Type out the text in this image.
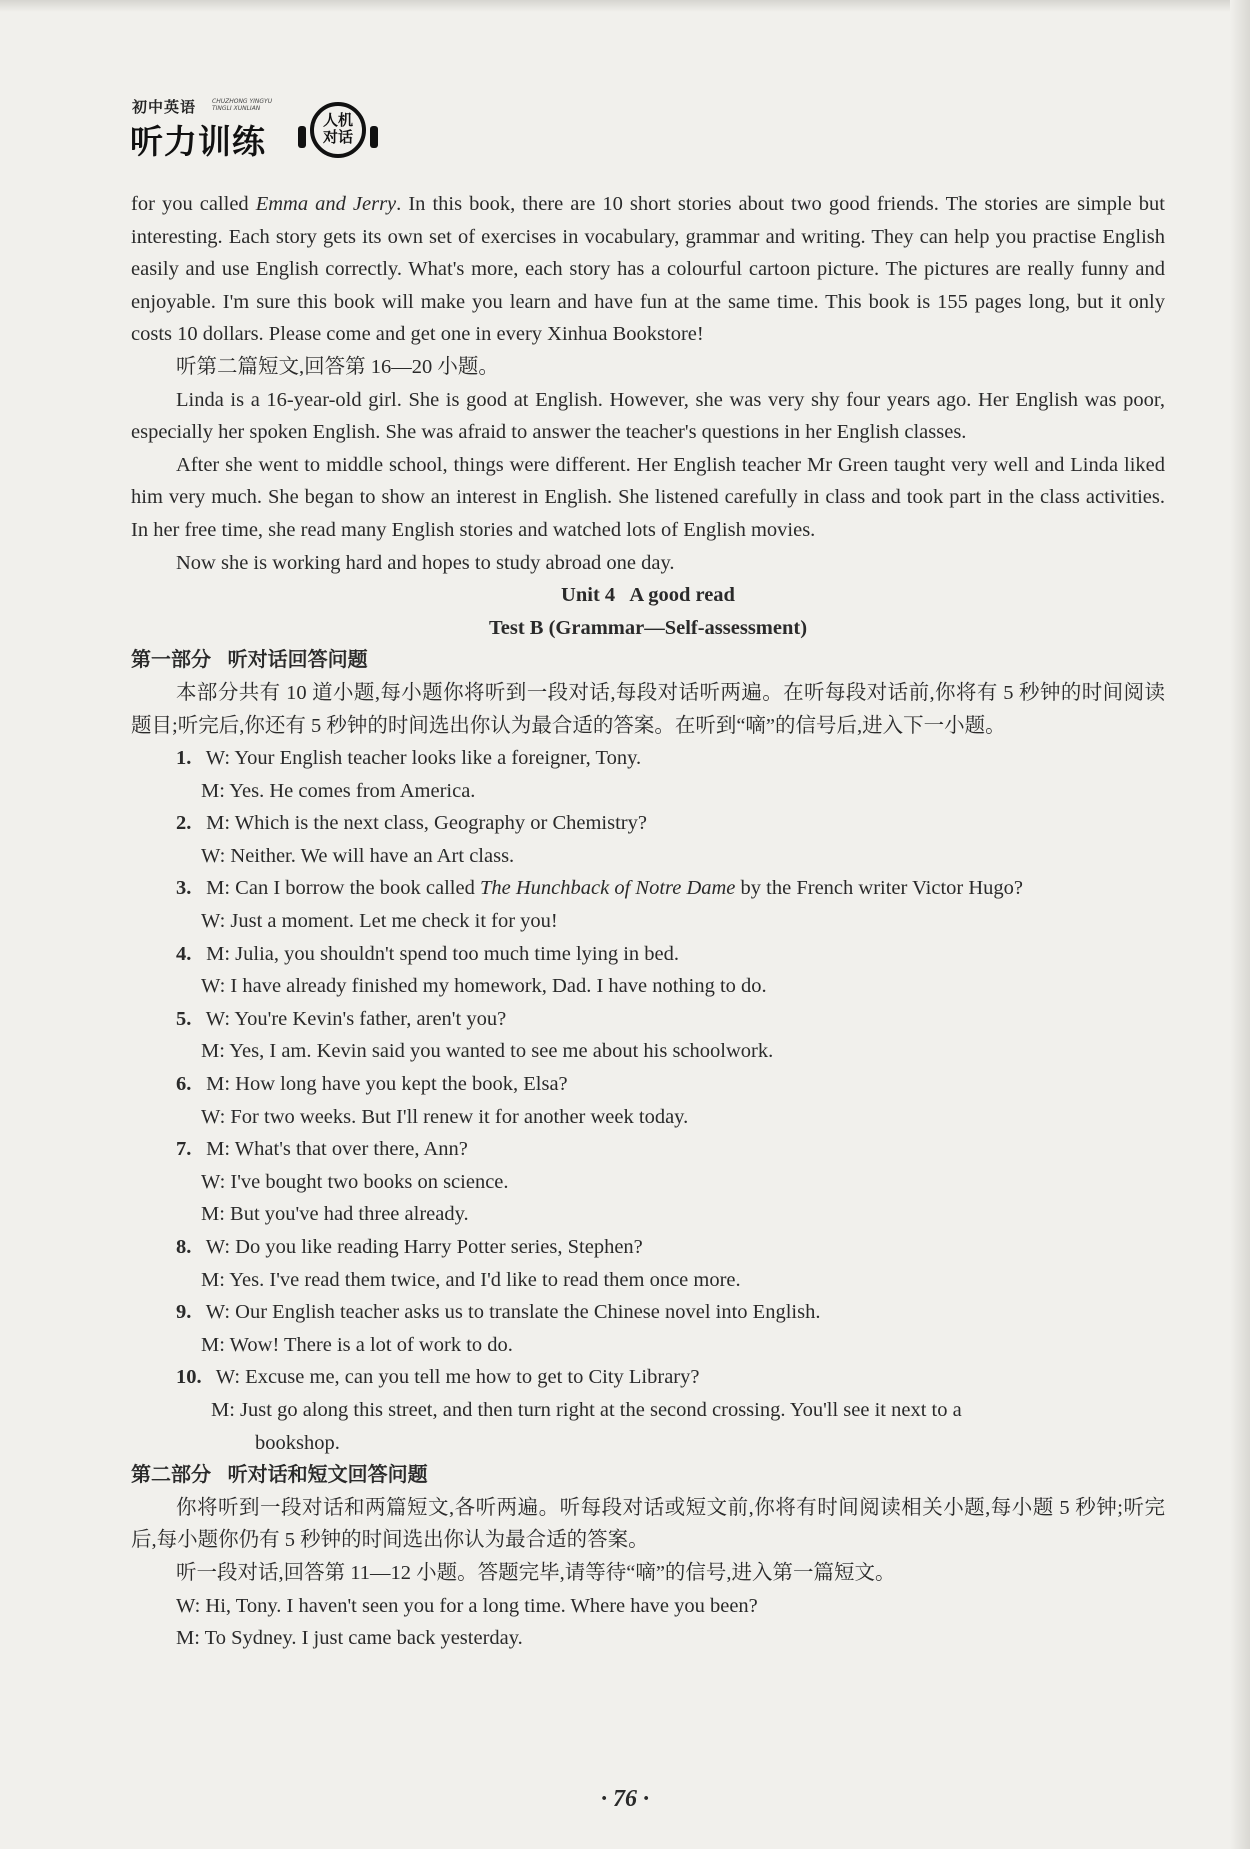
初中英语	CHUZHONG YINGYU
TINGLI XUNLIAN
听力训练
人机
对话

for you called Emma and Jerry. In this book, there are 10 short stories about two good friends. The stories are simple but interesting. Each story gets its own set of exercises in vocabulary, grammar and writing. They can help you practise English easily and use English correctly. What's more, each story has a colourful cartoon picture. The pictures are really funny and enjoyable. I'm sure this book will make you learn and have fun at the same time. This book is 155 pages long, but it only costs 10 dollars. Please come and get one in every Xinhua Bookstore!

听第二篇短文,回答第 16—20 小题。

Linda is a 16-year-old girl. She is good at English. However, she was very shy four years ago. Her English was poor, especially her spoken English. She was afraid to answer the teacher's questions in her English classes.

After she went to middle school, things were different. Her English teacher Mr Green taught very well and Linda liked him very much. She began to show an interest in English. She listened carefully in class and took part in the class activities. In her free time, she read many English stories and watched lots of English movies.

Now she is working hard and hopes to study abroad one day.

Unit 4   A good read

Test B (Grammar—Self-assessment)

第一部分   听对话回答问题

本部分共有 10 道小题,每小题你将听到一段对话,每段对话听两遍。在听每段对话前,你将有 5 秒钟的时间阅读题目;听完后,你还有 5 秒钟的时间选出你认为最合适的答案。在听到“嘀”的信号后,进入下一小题。

1. W: Your English teacher looks like a foreigner, Tony.

M: Yes. He comes from America.

2. M: Which is the next class, Geography or Chemistry?

W: Neither. We will have an Art class.

3. M: Can I borrow the book called The Hunchback of Notre Dame by the French writer Victor Hugo?

W: Just a moment. Let me check it for you!

4. M: Julia, you shouldn't spend too much time lying in bed.

W: I have already finished my homework, Dad. I have nothing to do.

5. W: You're Kevin's father, aren't you?

M: Yes, I am. Kevin said you wanted to see me about his schoolwork.

6. M: How long have you kept the book, Elsa?

W: For two weeks. But I'll renew it for another week today.

7. M: What's that over there, Ann?

W: I've bought two books on science.

M: But you've had three already.

8. W: Do you like reading Harry Potter series, Stephen?

M: Yes. I've read them twice, and I'd like to read them once more.

9. W: Our English teacher asks us to translate the Chinese novel into English.

M: Wow! There is a lot of work to do.

10. W: Excuse me, can you tell me how to get to City Library?

M: Just go along this street, and then turn right at the second crossing. You'll see it next to a

bookshop.

第二部分   听对话和短文回答问题

你将听到一段对话和两篇短文,各听两遍。听每段对话或短文前,你将有时间阅读相关小题,每小题 5 秒钟;听完后,每小题你仍有 5 秒钟的时间选出你认为最合适的答案。

听一段对话,回答第 11—12 小题。答题完毕,请等待“嘀”的信号,进入第一篇短文。

W: Hi, Tony. I haven't seen you for a long time. Where have you been?

M: To Sydney. I just came back yesterday.

· 76 ·
